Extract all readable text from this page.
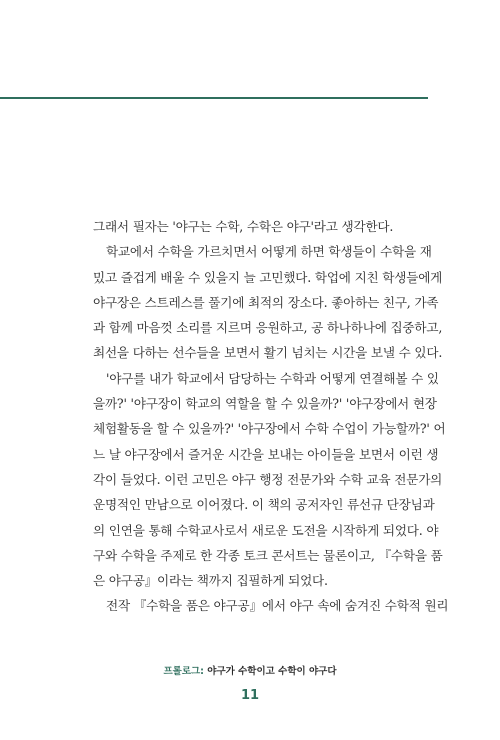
그래서 필자는 '야구는 수학, 수학은 야구'라고 생각한다.
학교에서 수학을 가르치면서 어떻게 하면 학생들이 수학을 재
밌고 즐겁게 배울 수 있을지 늘 고민했다. 학업에 지친 학생들에게
야구장은 스트레스를 풀기에 최적의 장소다. 좋아하는 친구, 가족
과 함께 마음껏 소리를 지르며 응원하고, 공 하나하나에 집중하고,
최선을 다하는 선수들을 보면서 활기 넘치는 시간을 보낼 수 있다.
'야구를 내가 학교에서 담당하는 수학과 어떻게 연결해볼 수 있
을까?' '야구장이 학교의 역할을 할 수 있을까?' '야구장에서 현장
체험활동을 할 수 있을까?' '야구장에서 수학 수업이 가능할까?' 어
느 날 야구장에서 즐거운 시간을 보내는 아이들을 보면서 이런 생
각이 들었다. 이런 고민은 야구 행정 전문가와 수학 교육 전문가의
운명적인 만남으로 이어졌다. 이 책의 공저자인 류선규 단장님과
의 인연을 통해 수학교사로서 새로운 도전을 시작하게 되었다. 야
구와 수학을 주제로 한 각종 토크 콘서트는 물론이고, 『수학을 품
은 야구공』이라는 책까지 집필하게 되었다.
전작 『수학을 품은 야구공』에서 야구 속에 숨겨진 수학적 원리
프롤로그: 야구가 수학이고 수학이 야구다
11
